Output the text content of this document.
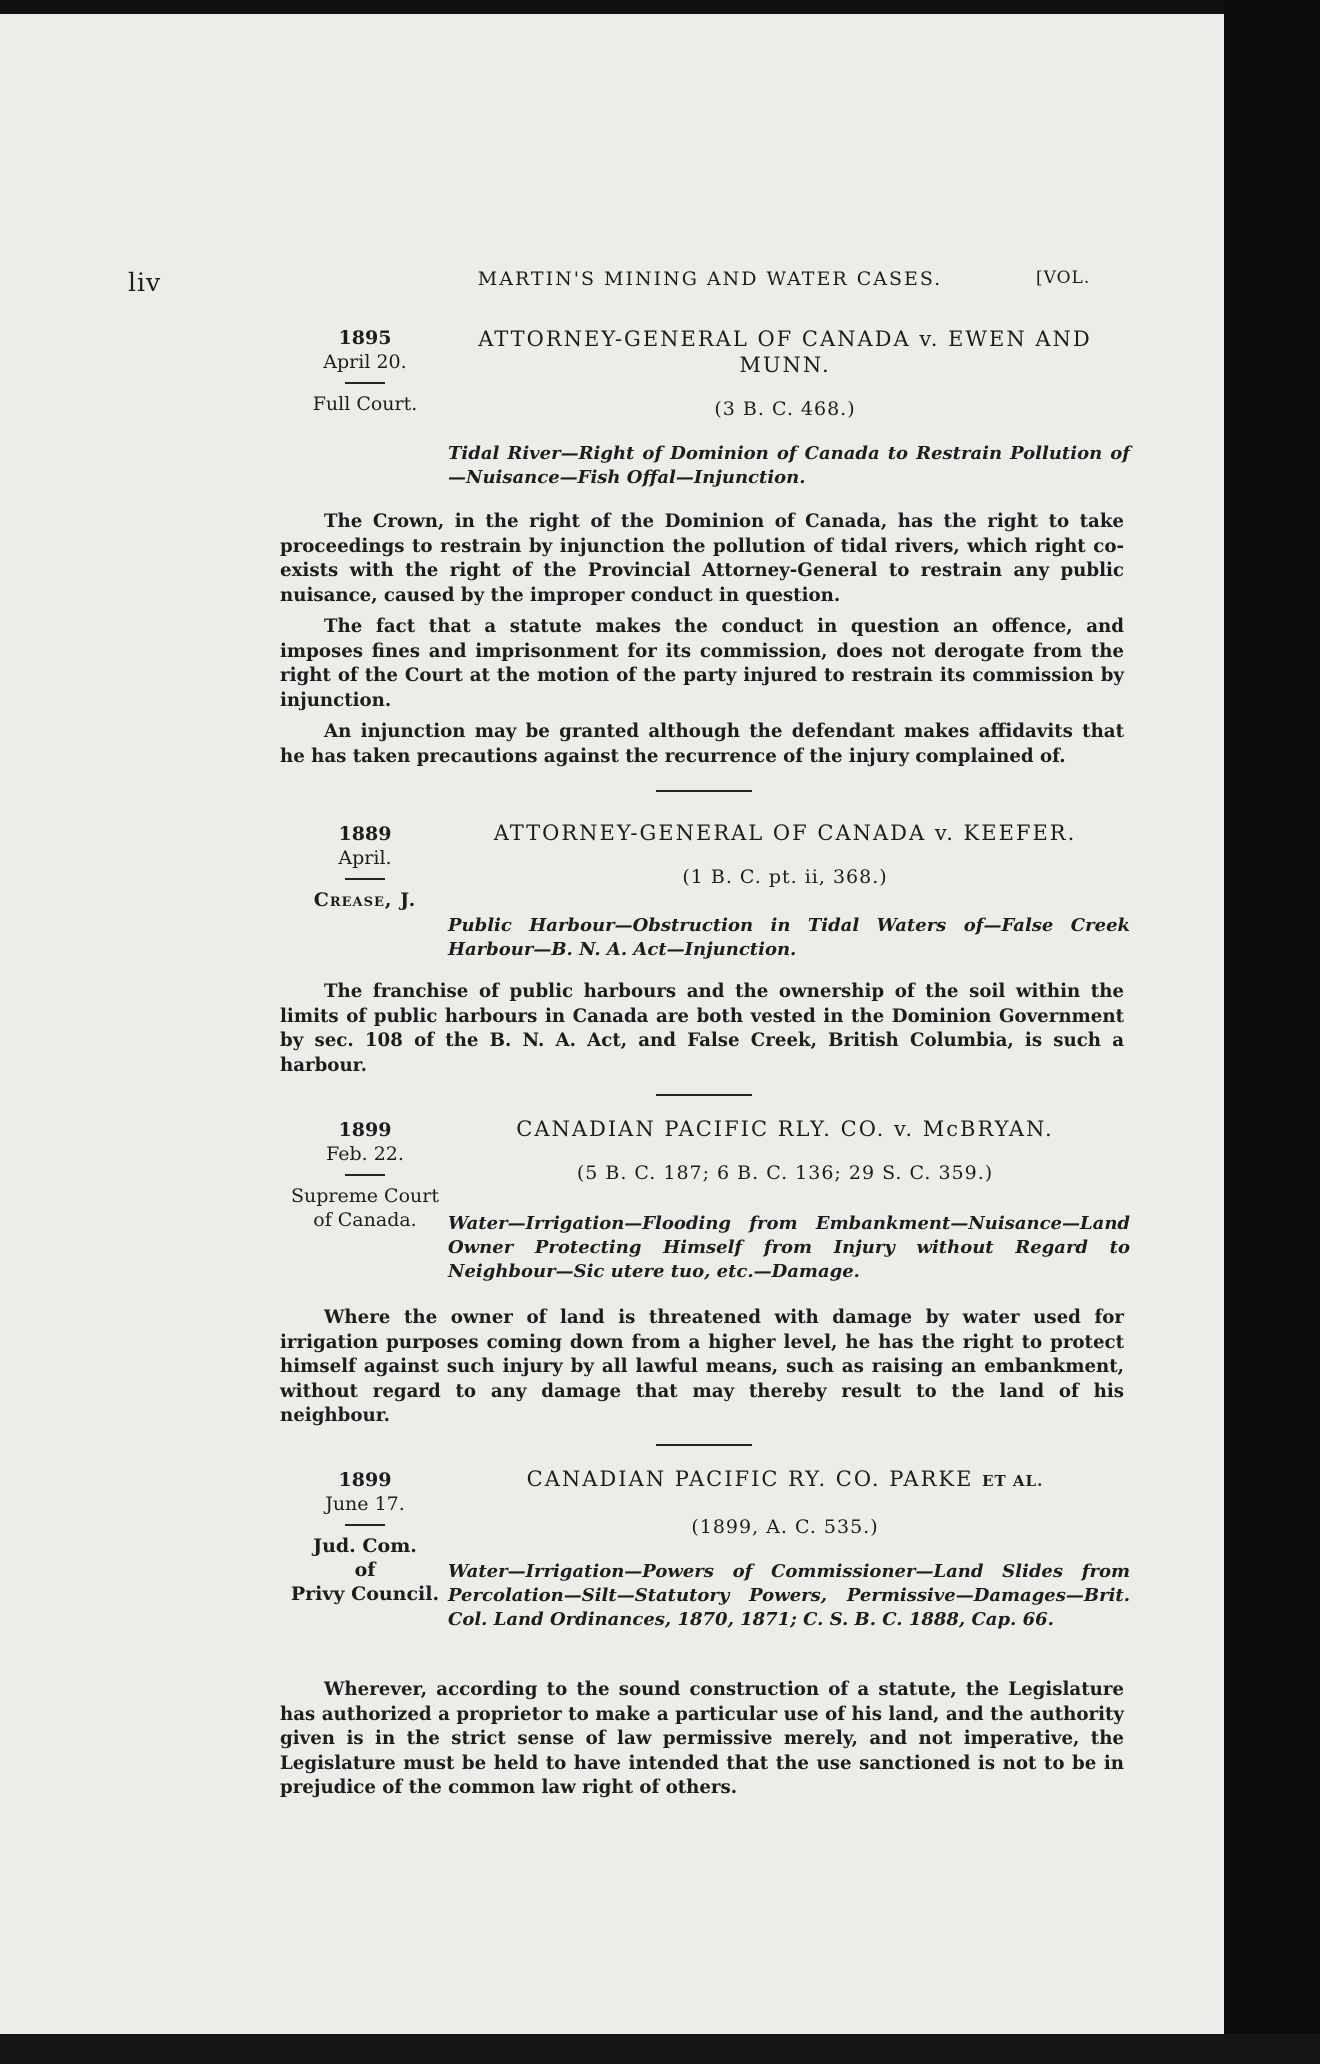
liv	MARTIN'S MINING AND WATER CASES.	[VOL.
1895
April 20.
Full Court.
ATTORNEY-GENERAL OF CANADA v. EWEN AND MUNN.
(3 B. C. 468.)
Tidal River—Right of Dominion of Canada to Restrain Pollution of—Nuisance—Fish Offal—Injunction.

The Crown, in the right of the Dominion of Canada, has the right to take proceedings to restrain by injunction the pollution of tidal rivers, which right co-exists with the right of the Provincial Attorney-General to restrain any public nuisance, caused by the improper conduct in question.

The fact that a statute makes the conduct in question an offence, and imposes fines and imprisonment for its commission, does not derogate from the right of the Court at the motion of the party injured to restrain its commission by injunction.

An injunction may be granted although the defendant makes affidavits that he has taken precautions against the recurrence of the injury complained of.

1889
April.
Crease, J.
ATTORNEY-GENERAL OF CANADA v. KEEFER.
(1 B. C. pt. ii, 368.)
Public Harbour—Obstruction in Tidal Waters of—False Creek Harbour—B. N. A. Act—Injunction.

The franchise of public harbours and the ownership of the soil within the limits of public harbours in Canada are both vested in the Dominion Government by sec. 108 of the B. N. A. Act, and False Creek, British Columbia, is such a harbour.

1899
Feb. 22.
Supreme Court
of Canada.
CANADIAN PACIFIC RLY. CO. v. McBRYAN.
(5 B. C. 187; 6 B. C. 136; 29 S. C. 359.)
Water—Irrigation—Flooding from Embankment—Nuisance—Land Owner Protecting Himself from Injury without Regard to Neighbour—Sic utere tuo, etc.—Damage.

Where the owner of land is threatened with damage by water used for irrigation purposes coming down from a higher level, he has the right to protect himself against such injury by all lawful means, such as raising an embankment, without regard to any damage that may thereby result to the land of his neighbour.

1899
June 17.
Jud. Com.
of
Privy Council.
CANADIAN PACIFIC RY. CO. PARKE ET AL.
(1899, A. C. 535.)
Water—Irrigation—Powers of Commissioner—Land Slides from Percolation—Silt—Statutory Powers, Permissive—Damages—Brit. Col. Land Ordinances, 1870, 1871; C. S. B. C. 1888, Cap. 66.

Wherever, according to the sound construction of a statute, the Legislature has authorized a proprietor to make a particular use of his land, and the authority given is in the strict sense of law permissive merely, and not imperative, the Legislature must be held to have intended that the use sanctioned is not to be in prejudice of the common law right of others.
